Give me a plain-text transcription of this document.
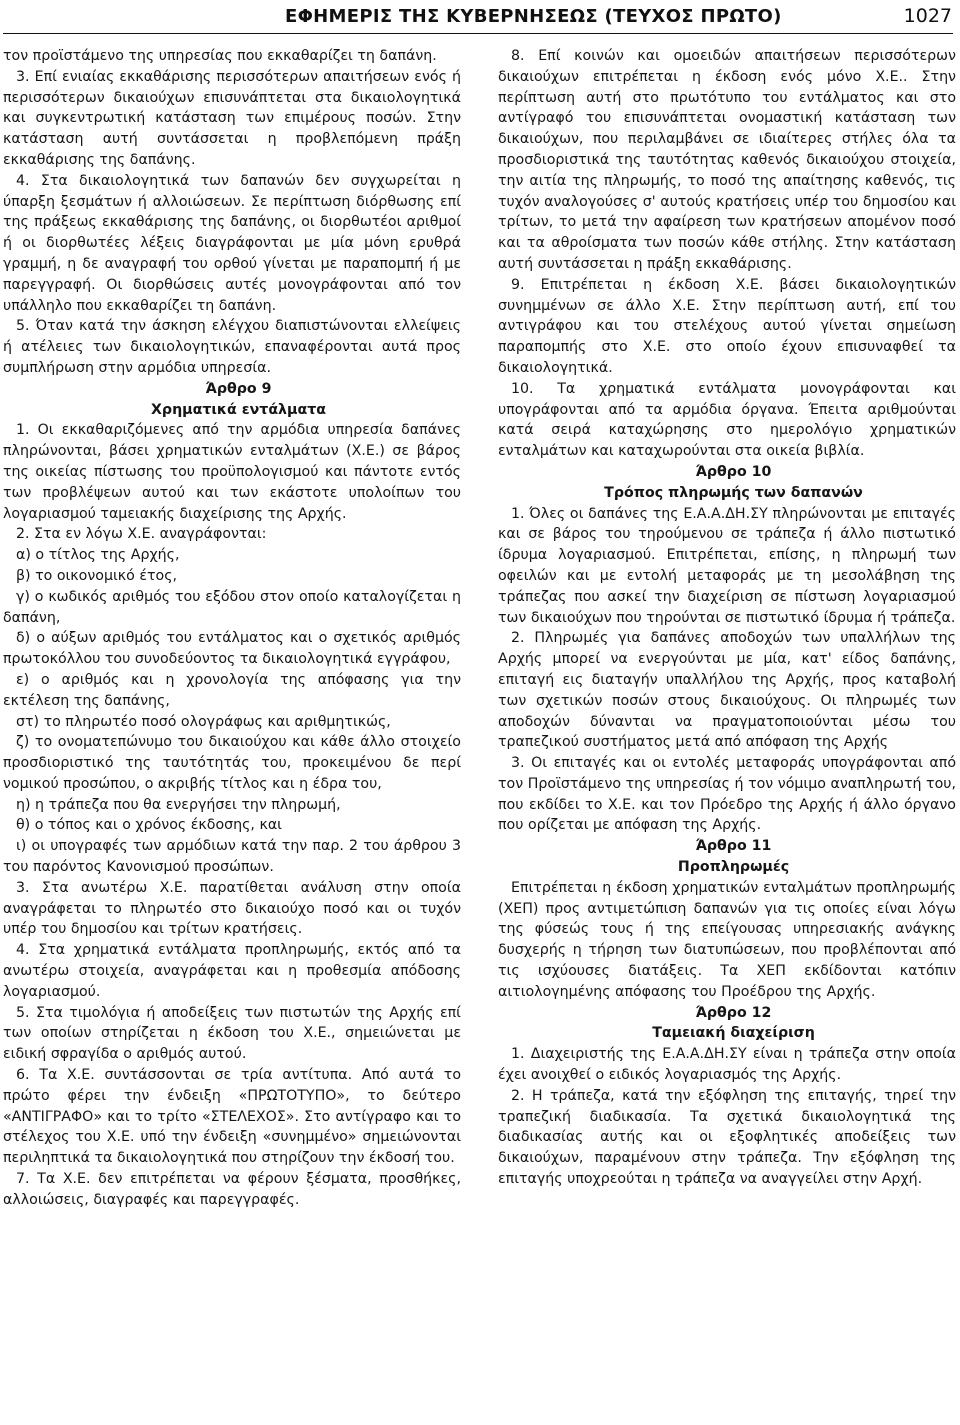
ΕΦΗΜΕΡΙΣ ΤΗΣ ΚΥΒΕΡΝΗΣΕΩΣ (ΤΕΥΧΟΣ ΠΡΩΤΟ)	1027

τον προϊστάμενο της υπηρεσίας που εκκαθαρίζει τη δαπάνη.

3. Επί ενιαίας εκκαθάρισης περισσότερων απαιτήσεων ενός ή περισσότερων δικαιούχων επισυνάπτεται στα δικαιολογητικά και συγκεντρωτική κατάσταση των επιμέρους ποσών. Στην κατάσταση αυτή συντάσσεται η προβλεπόμενη πράξη εκκαθάρισης της δαπάνης.

4. Στα δικαιολογητικά των δαπανών δεν συγχωρείται η ύπαρξη ξεσμάτων ή αλλοιώσεων. Σε περίπτωση διόρθωσης επί της πράξεως εκκαθάρισης της δαπάνης, οι διορθωτέοι αριθμοί ή οι διορθωτέες λέξεις διαγράφονται με μία μόνη ερυθρά γραμμή, η δε αναγραφή του ορθού γίνεται με παραπομπή ή με παρεγγραφή. Οι διορθώσεις αυτές μονογράφονται από τον υπάλληλο που εκκαθαρίζει τη δαπάνη.

5. Όταν κατά την άσκηση ελέγχου διαπιστώνονται ελλείψεις ή ατέλειες των δικαιολογητικών, επαναφέρονται αυτά προς συμπλήρωση στην αρμόδια υπηρεσία.

Άρθρο 9

Χρηματικά εντάλματα

1. Οι εκκαθαριζόμενες από την αρμόδια υπηρεσία δαπάνες πληρώνονται, βάσει χρηματικών ενταλμάτων (Χ.Ε.) σε βάρος της οικείας πίστωσης του προϋπολογισμού και πάντοτε εντός των προβλέψεων αυτού και των εκάστοτε υπολοίπων του λογαριασμού ταμειακής διαχείρισης της Αρχής.

2. Στα εν λόγω Χ.Ε. αναγράφονται:

α) ο τίτλος της Αρχής,

β) το οικονομικό έτος,

γ) ο κωδικός αριθμός του εξόδου στον οποίο καταλογίζεται η δαπάνη,

δ) ο αύξων αριθμός του εντάλματος και ο σχετικός αριθμός πρωτοκόλλου του συνοδεύοντος τα δικαιολογητικά εγγράφου,

ε) ο αριθμός και η χρονολογία της απόφασης για την εκτέλεση της δαπάνης,

στ) το πληρωτέο ποσό ολογράφως και αριθμητικώς,

ζ) το ονοματεπώνυμο του δικαιούχου και κάθε άλλο στοιχείο προσδιοριστικό της ταυτότητάς του, προκειμένου δε περί νομικού προσώπου, ο ακριβής τίτλος και η έδρα του,

η) η τράπεζα που θα ενεργήσει την πληρωμή,

θ) ο τόπος και ο χρόνος έκδοσης, και

ι) οι υπογραφές των αρμόδιων κατά την παρ. 2 του άρθρου 3 του παρόντος Κανονισμού προσώπων.

3. Στα ανωτέρω Χ.Ε. παρατίθεται ανάλυση στην οποία αναγράφεται το πληρωτέο στο δικαιούχο ποσό και οι τυχόν υπέρ του δημοσίου και τρίτων κρατήσεις.

4. Στα χρηματικά εντάλματα προπληρωμής, εκτός από τα ανωτέρω στοιχεία, αναγράφεται και η προθεσμία απόδοσης λογαριασμού.

5. Στα τιμολόγια ή αποδείξεις των πιστωτών της Αρχής επί των οποίων στηρίζεται η έκδοση του Χ.Ε., σημειώνεται με ειδική σφραγίδα ο αριθμός αυτού.

6. Τα Χ.Ε. συντάσσονται σε τρία αντίτυπα. Από αυτά το πρώτο φέρει την ένδειξη «ΠΡΩΤΟΤΥΠΟ», το δεύτερο «ΑΝΤΙΓΡΑΦΟ» και το τρίτο «ΣΤΕΛΕΧΟΣ». Στο αντίγραφο και το στέλεχος του Χ.Ε. υπό την ένδειξη «συνημμένο» σημειώνονται περιληπτικά τα δικαιολογητικά που στηρίζουν την έκδοσή του.

7. Τα Χ.Ε. δεν επιτρέπεται να φέρουν ξέσματα, προσθήκες, αλλοιώσεις, διαγραφές και παρεγγραφές.

8. Επί κοινών και ομοειδών απαιτήσεων περισσότερων δικαιούχων επιτρέπεται η έκδοση ενός μόνο Χ.Ε.. Στην περίπτωση αυτή στο πρωτότυπο του εντάλματος και στο αντίγραφό του επισυνάπτεται ονομαστική κατάσταση των δικαιούχων, που περιλαμβάνει σε ιδιαίτερες στήλες όλα τα προσδιοριστικά της ταυτότητας καθενός δικαιούχου στοιχεία, την αιτία της πληρωμής, το ποσό της απαίτησης καθενός, τις τυχόν αναλογούσες σ' αυτούς κρατήσεις υπέρ του δημοσίου και τρίτων, το μετά την αφαίρεση των κρατήσεων απομένον ποσό και τα αθροίσματα των ποσών κάθε στήλης. Στην κατάσταση αυτή συντάσσεται η πράξη εκκαθάρισης.

9. Επιτρέπεται η έκδοση Χ.Ε. βάσει δικαιολογητικών συνημμένων σε άλλο Χ.Ε. Στην περίπτωση αυτή, επί του αντιγράφου και του στελέχους αυτού γίνεται σημείωση παραπομπής στο Χ.Ε. στο οποίο έχουν επισυναφθεί τα δικαιολογητικά.

10. Τα χρηματικά εντάλματα μονογράφονται και υπογράφονται από τα αρμόδια όργανα. Έπειτα αριθμούνται κατά σειρά καταχώρησης στο ημερολόγιο χρηματικών ενταλμάτων και καταχωρούνται στα οικεία βιβλία.

Άρθρο 10

Τρόπος πληρωμής των δαπανών

1. Όλες οι δαπάνες της Ε.Α.Α.ΔΗ.ΣΥ πληρώνονται με επιταγές και σε βάρος του τηρούμενου σε τράπεζα ή άλλο πιστωτικό ίδρυμα λογαριασμού. Επιτρέπεται, επίσης, η πληρωμή των οφειλών και με εντολή μεταφοράς με τη μεσολάβηση της τράπεζας που ασκεί την διαχείριση σε πίστωση λογαριασμού των δικαιούχων που τηρούνται σε πιστωτικό ίδρυμα ή τράπεζα.

2. Πληρωμές για δαπάνες αποδοχών των υπαλλήλων της Αρχής μπορεί να ενεργούνται με μία, κατ' είδος δαπάνης, επιταγή εις διαταγήν υπαλλήλου της Αρχής, προς καταβολή των σχετικών ποσών στους δικαιούχους. Οι πληρωμές των αποδοχών δύνανται να πραγματοποιούνται μέσω του τραπεζικού συστήματος μετά από απόφαση της Αρχής

3. Οι επιταγές και οι εντολές μεταφοράς υπογράφονται από τον Προϊστάμενο της υπηρεσίας ή τον νόμιμο αναπληρωτή του, που εκδίδει το Χ.Ε. και τον Πρόεδρο της Αρχής ή άλλο όργανο που ορίζεται με απόφαση της Αρχής.

Άρθρο 11

Προπληρωμές

Επιτρέπεται η έκδοση χρηματικών ενταλμάτων προπληρωμής (ΧΕΠ) προς αντιμετώπιση δαπανών για τις οποίες είναι λόγω της φύσεώς τους ή της επείγουσας υπηρεσιακής ανάγκης δυσχερής η τήρηση των διατυπώσεων, που προβλέπονται από τις ισχύουσες διατάξεις. Τα ΧΕΠ εκδίδονται κατόπιν αιτιολογημένης απόφασης του Προέδρου της Αρχής.

Άρθρο 12

Ταμειακή διαχείριση

1. Διαχειριστής της Ε.Α.Α.ΔΗ.ΣΥ είναι η τράπεζα στην οποία έχει ανοιχθεί ο ειδικός λογαριασμός της Αρχής.

2. Η τράπεζα, κατά την εξόφληση της επιταγής, τηρεί την τραπεζική διαδικασία. Τα σχετικά δικαιολογητικά της διαδικασίας αυτής και οι εξοφλητικές αποδείξεις των δικαιούχων, παραμένουν στην τράπεζα. Την εξόφληση της επιταγής υποχρεούται η τράπεζα να αναγγείλει στην Αρχή.
